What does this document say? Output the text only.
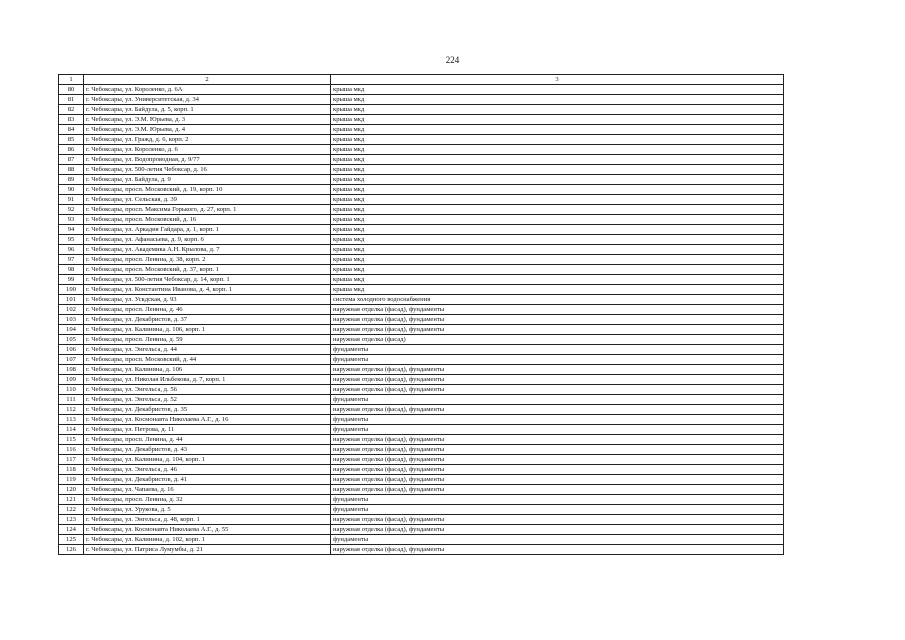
224
1	2	3
80	г. Чебоксары, ул. Короленко, д. 6А	крыша мкд
81	г. Чебоксары, ул. Университетская, д. 34	крыша мкд
82	г. Чебоксары, ул. Байдула, д. 5, корп. 1	крыша мкд
83	г. Чебоксары, ул. Э.М. Юрьева, д. 3	крыша мкд
84	г. Чебоксары, ул. Э.М. Юрьева, д. 4	крыша мкд
85	г. Чебоксары, ул. Гражд, д. 6, корп. 2	крыша мкд
86	г. Чебоксары, ул. Короленко, д. 6	крыша мкд
87	г. Чебоксары, ул. Водопроводная, д. 9/77	крыша мкд
88	г. Чебоксары, ул. 500-летия Чебоксар, д. 16	крыша мкд
89	г. Чебоксары, ул. Байдула, д. 9	крыша мкд
90	г. Чебоксары, просп. Московский, д. 19, корп. 10	крыша мкд
91	г. Чебоксары, ул. Сельская, д. 39	крыша мкд
92	г. Чебоксары, просп. Максима Горького, д. 27, корп. 1	крыша мкд
93	г. Чебоксары, просп. Московский, д. 16	крыша мкд
94	г. Чебоксары, ул. Аркадия Гайдара, д. 1, корп. 1	крыша мкд
95	г. Чебоксары, ул. Афанасьева, д. 9, корп. 6	крыша мкд
96	г. Чебоксары, ул. Академика А.Н. Крылова, д. 7	крыша мкд
97	г. Чебоксары, просп. Ленина, д. 38, корп. 2	крыша мкд
98	г. Чебоксары, просп. Московский, д. 37, корп. 1	крыша мкд
99	г. Чебоксары, ул. 500-летия Чебоксар, д. 14, корп. 1	крыша мкд
100	г. Чебоксары, ул. Константина Иванова, д. 4, корп. 1	крыша мкд
101	г. Чебоксары, ул. Ускдская, д. 93	система холодного водоснабжения
102	г. Чебоксары, просп. Ленина, д. 46	наружная отделка (фасад), фундаменты
103	г. Чебоксары, ул. Декабристов, д. 37	наружная отделка (фасад), фундаменты
104	г. Чебоксары, ул. Калинина, д. 106, корп. 1	наружная отделка (фасад), фундаменты
105	г. Чебоксары, просп. Ленина, д. 59	наружная отделка (фасад)
106	г. Чебоксары, ул. Энгельса, д. 44	фундаменты
107	г. Чебоксары, просп. Московский, д. 44	фундаменты
108	г. Чебоксары, ул. Калинина, д. 106	наружная отделка (фасад), фундаменты
109	г. Чебоксары, ул. Николая Ильбекова, д. 7, корп. 1	наружная отделка (фасад), фундаменты
110	г. Чебоксары, ул. Энгельса, д. 56	наружная отделка (фасад), фундаменты
111	г. Чебоксары, ул. Энгельса, д. 52	фундаменты
112	г. Чебоксары, ул. Декабристов, д. 35	наружная отделка (фасад), фундаменты
113	г. Чебоксары, ул. Космонавта Николаева А.Г., д. 16	фундаменты
114	г. Чебоксары, ул. Петрова, д. 11	фундаменты
115	г. Чебоксары, просп. Ленина, д. 44	наружная отделка (фасад), фундаменты
116	г. Чебоксары, ул. Декабристов, д. 43	наружная отделка (фасад), фундаменты
117	г. Чебоксары, ул. Калинина, д. 104, корп. 1	наружная отделка (фасад), фундаменты
118	г. Чебоксары, ул. Энгельса, д. 46	наружная отделка (фасад), фундаменты
119	г. Чебоксары, ул. Декабристов, д. 41	наружная отделка (фасад), фундаменты
120	г. Чебоксары, ул. Чапаева, д. 16	наружная отделка (фасад), фундаменты
121	г. Чебоксары, просп. Ленина, д. 32	фундаменты
122	г. Чебоксары, ул. Урукова, д. 5	фундаменты
123	г. Чебоксары, ул. Энгельса, д. 48, корп. 1	наружная отделка (фасад), фундаменты
124	г. Чебоксары, ул. Космонавта Николаева А.Г., д. 55	наружная отделка (фасад), фундаменты
125	г. Чебоксары, ул. Калинина, д. 102, корп. 1	фундаменты
126	г. Чебоксары, ул. Патриса Лумумбы, д. 21	наружная отделка (фасад), фундаменты
